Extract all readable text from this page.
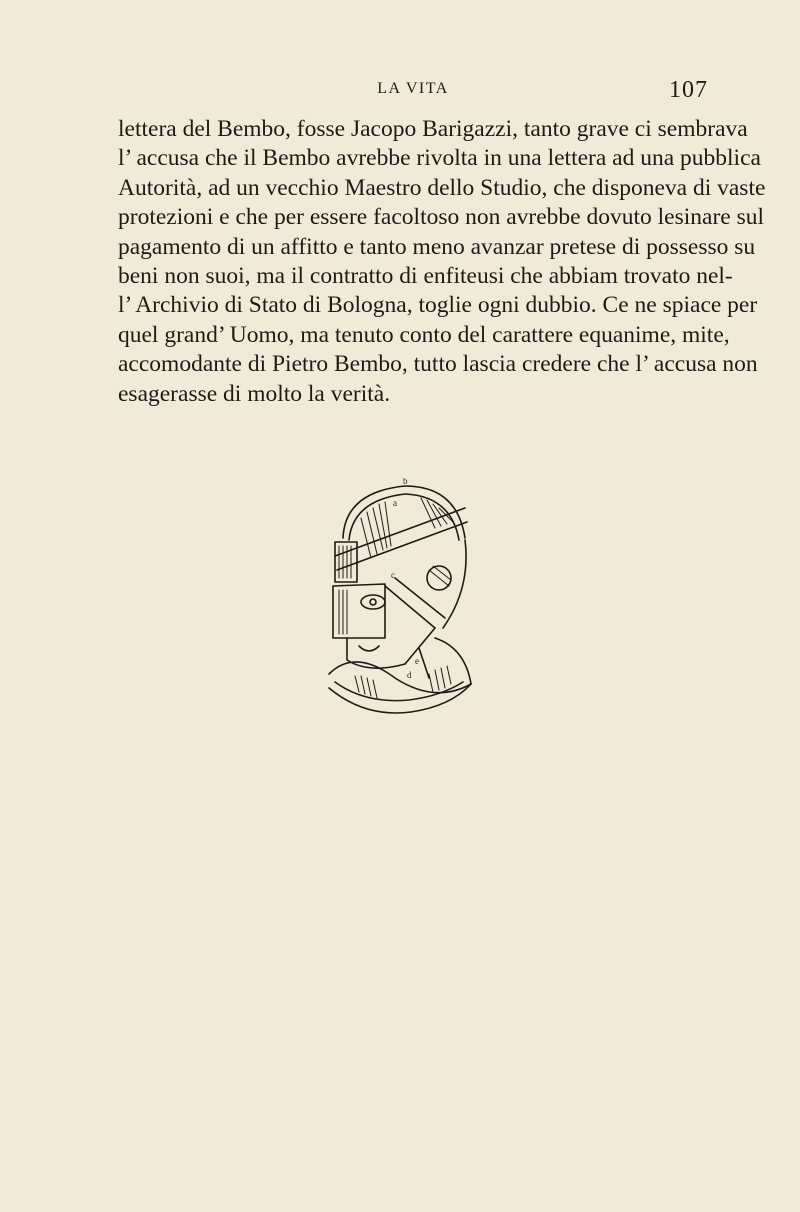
LA VITA	107
lettera del Bembo, fosse Jacopo Barigazzi, tanto grave ci sembrava
l’ accusa che il Bembo avrebbe rivolta in una lettera ad una pubblica
Autorità, ad un vecchio Maestro dello Studio, che disponeva di vaste
protezioni e che per essere facoltoso non avrebbe dovuto lesinare sul
pagamento di un affitto e tanto meno avanzar pretese di possesso su
beni non suoi, ma il contratto di enfiteusi che abbiam trovato nel-
l’ Archivio di Stato di Bologna, toglie ogni dubbio. Ce ne spiace per
quel grand’ Uomo, ma tenuto conto del carattere equanime, mite,
accomodante di Pietro Bembo, tutto lascia credere che l’ accusa non
esagerasse di molto la verità.
b
a
c
d
e
